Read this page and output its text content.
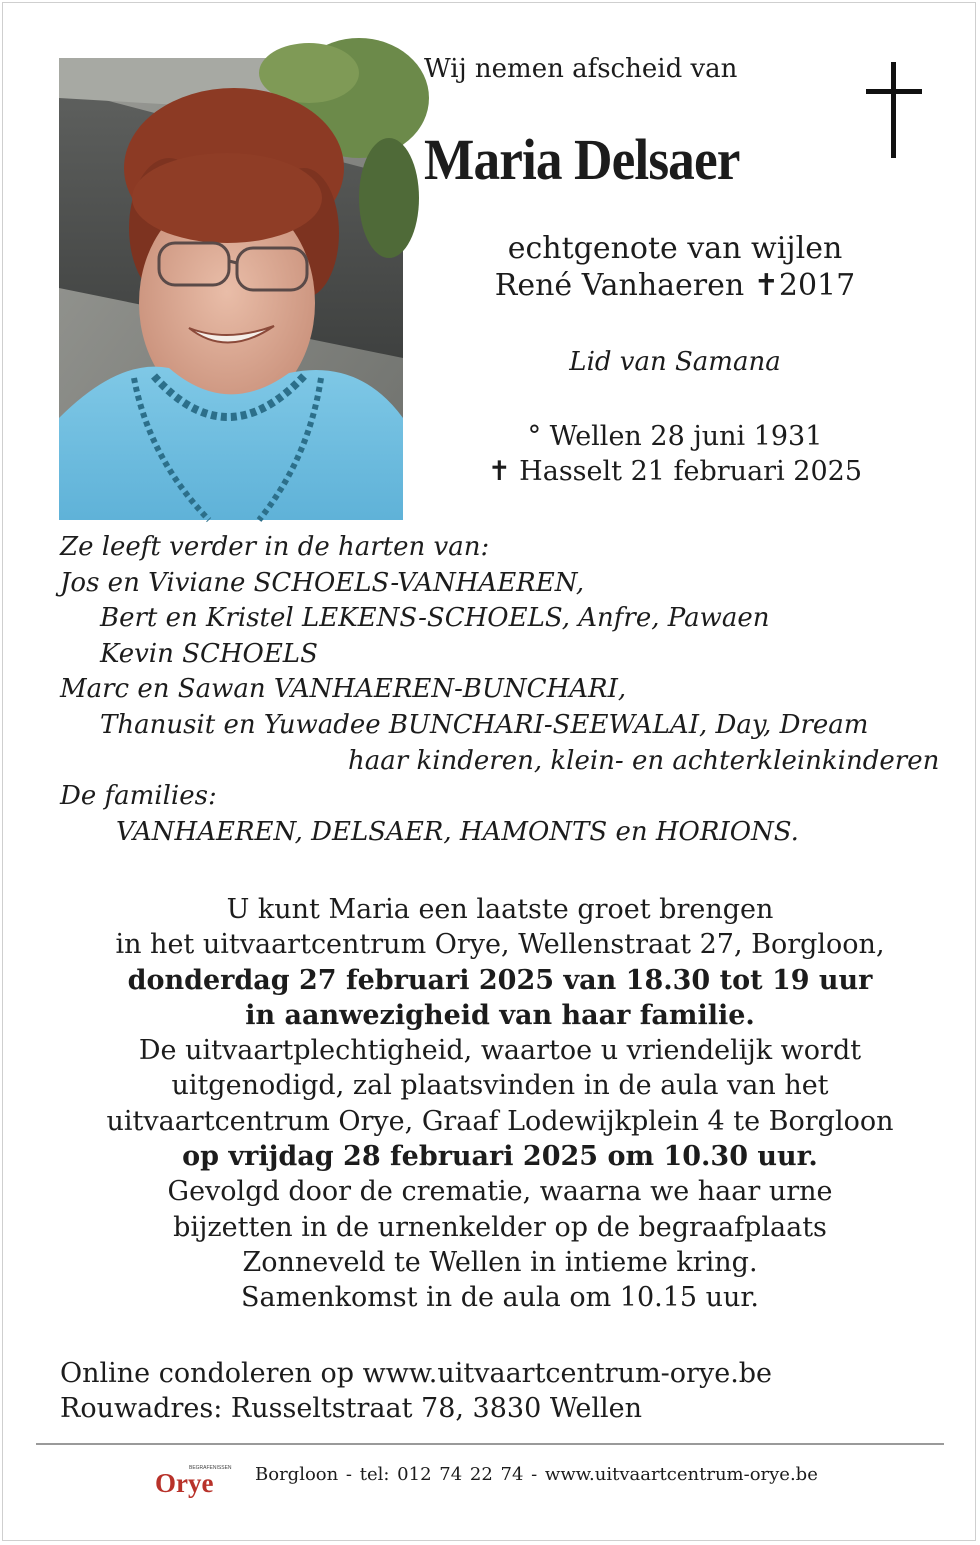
Wij nemen afscheid van
Maria Delsaer
echtgenote van wijlen
René Vanhaeren ✝2017
Lid van Samana
° Wellen 28 juni 1931
✝ Hasselt 21 februari 2025
Ze leeft verder in de harten van:
Jos en Viviane SCHOELS-VANHAEREN,
Bert en Kristel LEKENS-SCHOELS, Anfre, Pawaen
Kevin SCHOELS
Marc en Sawan VANHAEREN-BUNCHARI,
Thanusit en Yuwadee BUNCHARI-SEEWALAI, Day, Dream
haar kinderen, klein- en achterkleinkinderen
De families:
VANHAEREN, DELSAER, HAMONTS en HORIONS.
U kunt Maria een laatste groet brengen
in het uitvaartcentrum Orye, Wellenstraat 27, Borgloon,
donderdag 27 februari 2025 van 18.30 tot 19 uur
in aanwezigheid van haar familie.
De uitvaartplechtigheid, waartoe u vriendelijk wordt
uitgenodigd, zal plaatsvinden in de aula van het
uitvaartcentrum Orye, Graaf Lodewijkplein 4 te Borgloon
op vrijdag 28 februari 2025 om 10.30 uur.
Gevolgd door de crematie, waarna we haar urne
bijzetten in de urnenkelder op de begraafplaats
Zonneveld te Wellen in intieme kring.
Samenkomst in de aula om 10.15 uur.
Online condoleren op www.uitvaartcentrum-orye.be
Rouwadres: Russeltstraat 78, 3830 Wellen
BEGRAFENISSEN
Orye Borgloon - tel: 012 74 22 74 - www.uitvaartcentrum-orye.be
